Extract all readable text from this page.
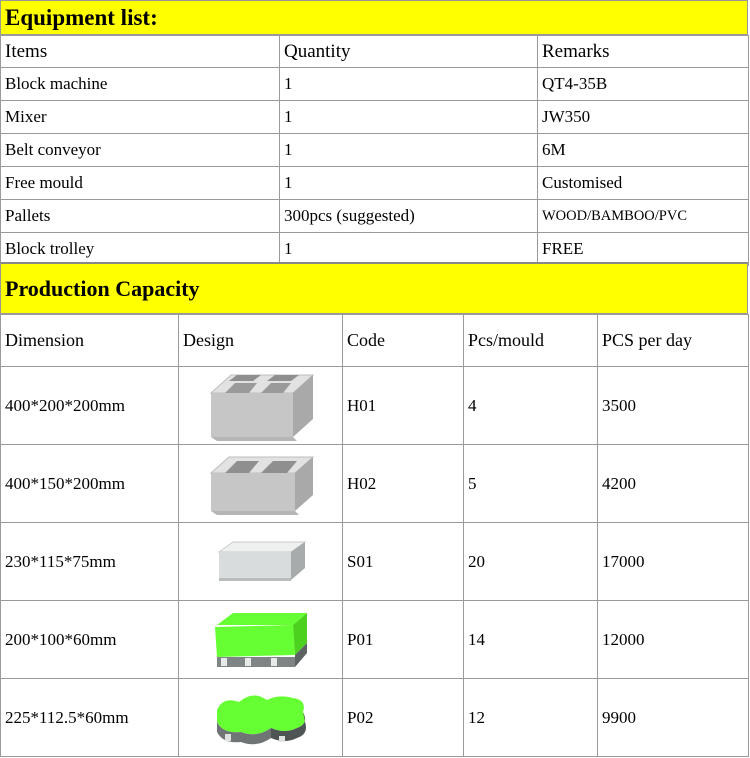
Equipment list:
Items	Quantity	Remarks
Block machine	1	QT4-35B
Mixer	1	JW350
Belt conveyor	1	6M
Free mould	1	Customised
Pallets	300pcs (suggested)	WOOD/BAMBOO/PVC
Block trolley	1	FREE
Production Capacity
Dimension	Design	Code	Pcs/mould	PCS per day
400*200*200mm		H01	4	3500
400*150*200mm		H02	5	4200
230*115*75mm		S01	20	17000
200*100*60mm		P01	14	12000
225*112.5*60mm		P02	12	9900
